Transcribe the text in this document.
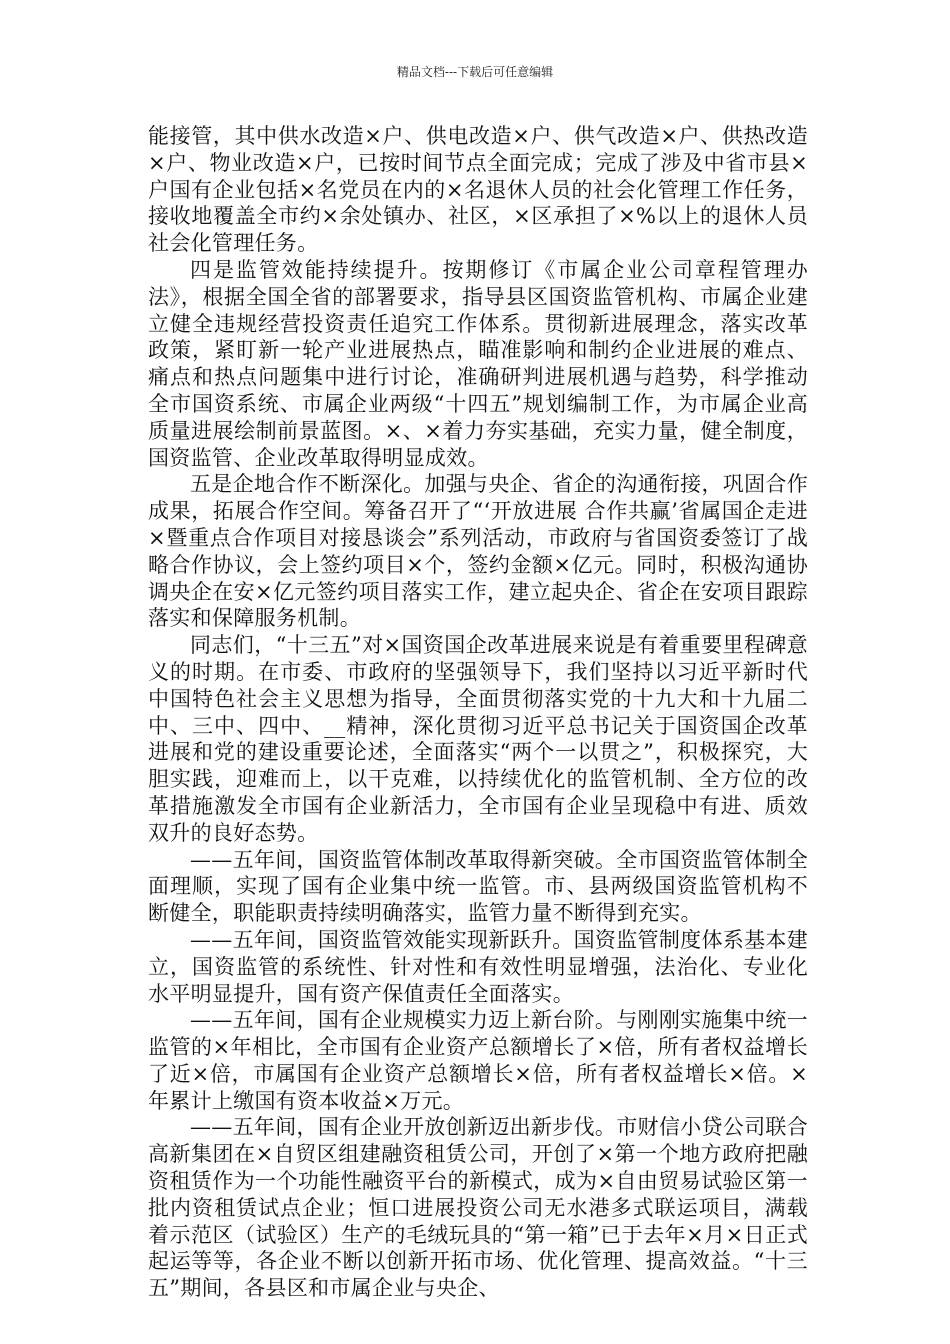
精品文档---下载后可任意编辑

能接管，其中供水改造×户、供电改造×户、供气改造×户、供热改造×户、物业改造×户，已按时间节点全面完成；完成了涉及中省市县×户国有企业包括×名党员在内的×名退休人员的社会化管理工作任务，接收地覆盖全市约×余处镇办、社区，×区承担了×%以上的退休人员社会化管理任务。

四是监管效能持续提升。按期修订《市属企业公司章程管理办法》，根据全国全省的部署要求，指导县区国资监管机构、市属企业建立健全违规经营投资责任追究工作体系。贯彻新进展理念，落实改革政策，紧盯新一轮产业进展热点，瞄准影响和制约企业进展的难点、痛点和热点问题集中进行讨论，准确研判进展机遇与趋势，科学推动全市国资系统、市属企业两级“十四五”规划编制工作，为市属企业高质量进展绘制前景蓝图。×、×着力夯实基础，充实力量，健全制度，国资监管、企业改革取得明显成效。

五是企地合作不断深化。加强与央企、省企的沟通衔接，巩固合作成果，拓展合作空间。筹备召开了“‘开放进展 合作共赢’省属国企走进×暨重点合作项目对接恳谈会”系列活动，市政府与省国资委签订了战略合作协议，会上签约项目×个，签约金额×亿元。同时，积极沟通协调央企在安×亿元签约项目落实工作，建立起央企、省企在安项目跟踪落实和保障服务机制。

同志们，“十三五”对×国资国企改革进展来说是有着重要里程碑意义的时期。在市委、市政府的坚强领导下，我们坚持以习近平新时代中国特色社会主义思想为指导，全面贯彻落实党的十九大和十九届二中、三中、四中、__精神，深化贯彻习近平总书记关于国资国企改革进展和党的建设重要论述，全面落实“两个一以贯之”，积极探究，大胆实践，迎难而上，以干克难，以持续优化的监管机制、全方位的改革措施激发全市国有企业新活力，全市国有企业呈现稳中有进、质效双升的良好态势。

——五年间，国资监管体制改革取得新突破。全市国资监管体制全面理顺，实现了国有企业集中统一监管。市、县两级国资监管机构不断健全，职能职责持续明确落实，监管力量不断得到充实。

——五年间，国资监管效能实现新跃升。国资监管制度体系基本建立，国资监管的系统性、针对性和有效性明显增强，法治化、专业化水平明显提升，国有资产保值责任全面落实。

——五年间，国有企业规模实力迈上新台阶。与刚刚实施集中统一监管的×年相比，全市国有企业资产总额增长了×倍，所有者权益增长了近×倍，市属国有企业资产总额增长×倍，所有者权益增长×倍。×年累计上缴国有资本收益×万元。

——五年间，国有企业开放创新迈出新步伐。市财信小贷公司联合高新集团在×自贸区组建融资租赁公司，开创了×第一个地方政府把融资租赁作为一个功能性融资平台的新模式，成为×自由贸易试验区第一批内资租赁试点企业；恒口进展投资公司无水港多式联运项目，满载着示范区（试验区）生产的毛绒玩具的“第一箱”已于去年×月×日正式起运等等，各企业不断以创新开拓市场、优化管理、提高效益。“十三五”期间，各县区和市属企业与央企、
